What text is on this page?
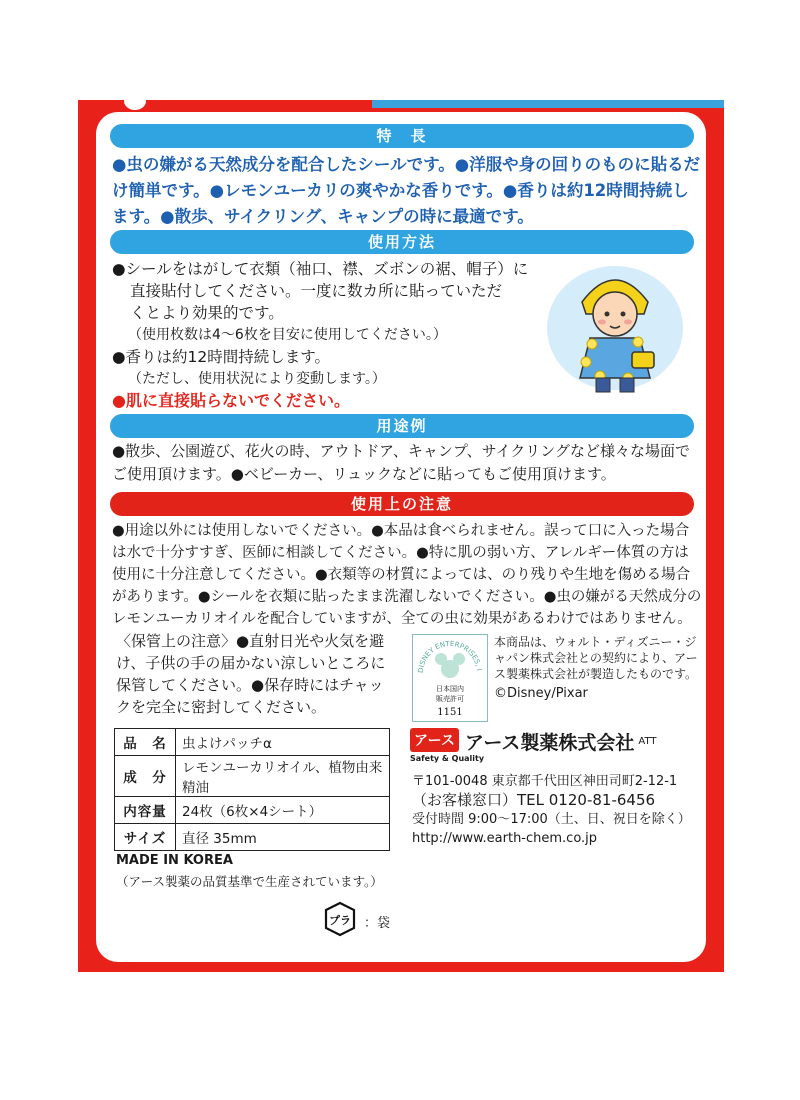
特　長
●虫の嫌がる天然成分を配合したシールです。●洋服や身の回りのものに貼るだけ簡単です。●レモンユーカリの爽やかな香りです。●香りは約12時間持続します。●散歩、サイクリング、キャンプの時に最適です。
使用方法
●シールをはがして衣類（袖口、襟、ズボンの裾、帽子）に
直接貼付してください。一度に数カ所に貼っていただ
くとより効果的です。
（使用枚数は4〜6枚を目安に使用してください。）
●香りは約12時間持続します。
（ただし、使用状況により変動します。）
●肌に直接貼らないでください。
用途例
●散歩、公園遊び、花火の時、アウトドア、キャンプ、サイクリングなど様々な場面でご使用頂けます。●ベビーカー、リュックなどに貼ってもご使用頂けます。
使用上の注意
●用途以外には使用しないでください。●本品は食べられません。誤って口に入った場合は水で十分すすぎ、医師に相談してください。●特に肌の弱い方、アレルギー体質の方は使用に十分注意してください。●衣類等の材質によっては、のり残りや生地を傷める場合があります。●シールを衣類に貼ったまま洗濯しないでください。●虫の嫌がる天然成分のレモンユーカリオイルを配合していますが、全ての虫に効果があるわけではありません。
〈保管上の注意〉●直射日光や火気を避け、子供の手の届かない涼しいところに保管してください。●保存時にはチャックを完全に密封してください。
品　名	虫よけパッチα
成　分	レモンユーカリオイル、植物由来精油
内容量	24枚（6枚×4シート）
サイズ	直径 35mm
MADE IN KOREA
（アース製薬の品質基準で生産されています。）
プラ ：袋
DISNEY ENTERPRISES, I
日本国内
販売許可
1151
本商品は、ウォルト・ディズニー・ジャパン株式会社との契約により、アース製薬株式会社が製造したものです。
©Disney/Pixar
アース アース製薬株式会社 ATT
Safety & Quality
〒101-0048 東京都千代田区神田司町2-12-1
（お客様窓口）TEL 0120-81-6456
受付時間 9:00〜17:00（土、日、祝日を除く）
http://www.earth-chem.co.jp
